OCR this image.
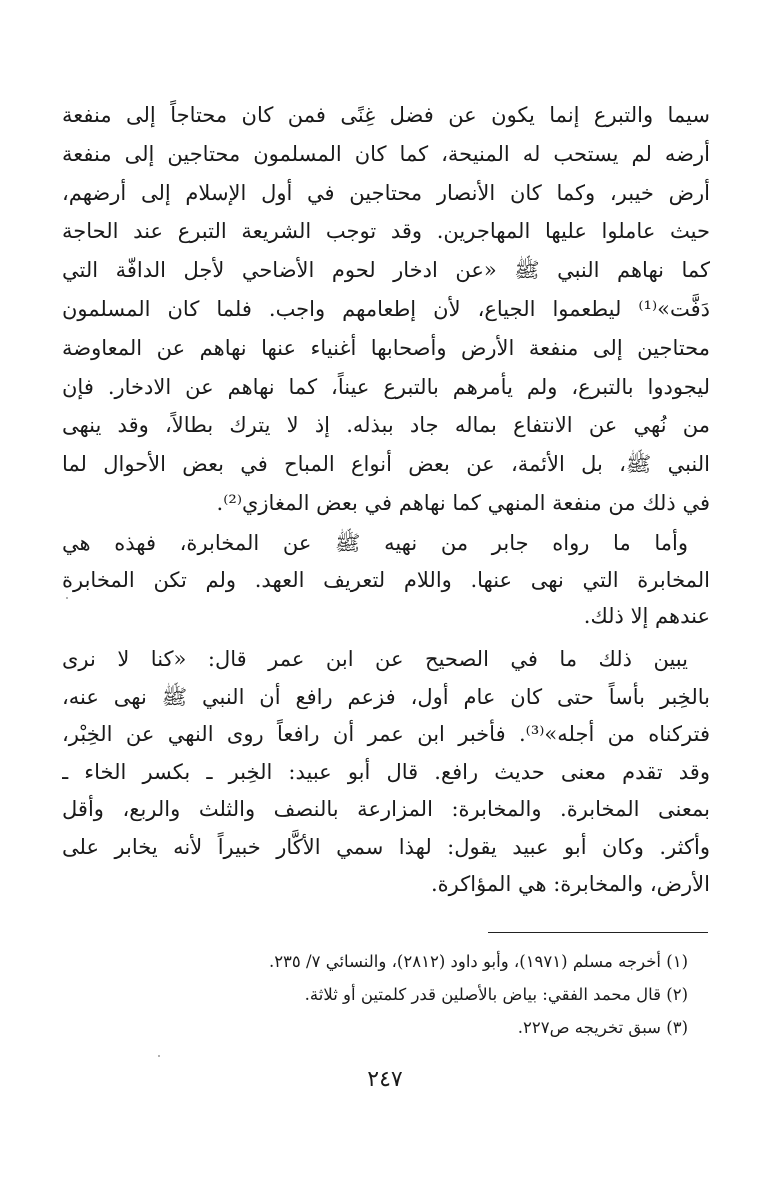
سيما والتبرع إنما يكون عن فضل غِنًى فمن كان محتاجاً إلى منفعة
أرضه لم يستحب له المنيحة، كما كان المسلمون محتاجين إلى منفعة
أرض خيبر، وكما كان الأنصار محتاجين في أول الإسلام إلى أرضهم،
حيث عاملوا عليها المهاجرين. وقد توجب الشريعة التبرع عند الحاجة
كما نهاهم النبي ﷺ «عن ادخار لحوم الأضاحي لأجل الدافّة التي
دَفَّت»⁽¹⁾ ليطعموا الجياع، لأن إطعامهم واجب. فلما كان المسلمون
محتاجين إلى منفعة الأرض وأصحابها أغنياء عنها نهاهم عن المعاوضة
ليجودوا بالتبرع، ولم يأمرهم بالتبرع عيناً، كما نهاهم عن الادخار. فإن
من نُهي عن الانتفاع بماله جاد ببذله. إذ لا يترك بطالاً، وقد ينهى
النبي ﷺ، بل الأئمة، عن بعض أنواع المباح في بعض الأحوال لما
في ذلك من منفعة المنهي كما نهاهم في بعض المغازي⁽²⁾.
وأما ما رواه جابر من نهيه ﷺ عن المخابرة، فهذه هي
المخابرة التي نهى عنها. واللام لتعريف العهد. ولم تكن المخابرة
عندهم إلا ذلك.
يبين ذلك ما في الصحيح عن ابن عمر قال: «كنا لا نرى
بالخِبر بأساً حتى كان عام أول، فزعم رافع أن النبي ﷺ نهى عنه،
فتركناه من أجله»⁽³⁾. فأخبر ابن عمر أن رافعاً روى النهي عن الخِبْر،
وقد تقدم معنى حديث رافع. قال أبو عبيد: الخِبر ـ بكسر الخاء ـ
بمعنى المخابرة. والمخابرة: المزارعة بالنصف والثلث والربع، وأقل
وأكثر. وكان أبو عبيد يقول: لهذا سمي الأكَّار خبيراً لأنه يخابر على
الأرض، والمخابرة: هي المؤاكرة.
(١) أخرجه مسلم (١٩٧١)، وأبو داود (٢٨١٢)، والنسائي ٧/ ٢٣٥.
(٢) قال محمد الفقي: بياض بالأصلين قدر كلمتين أو ثلاثة.
(٣) سبق تخريجه ص٢٢٧.
٢٤٧
